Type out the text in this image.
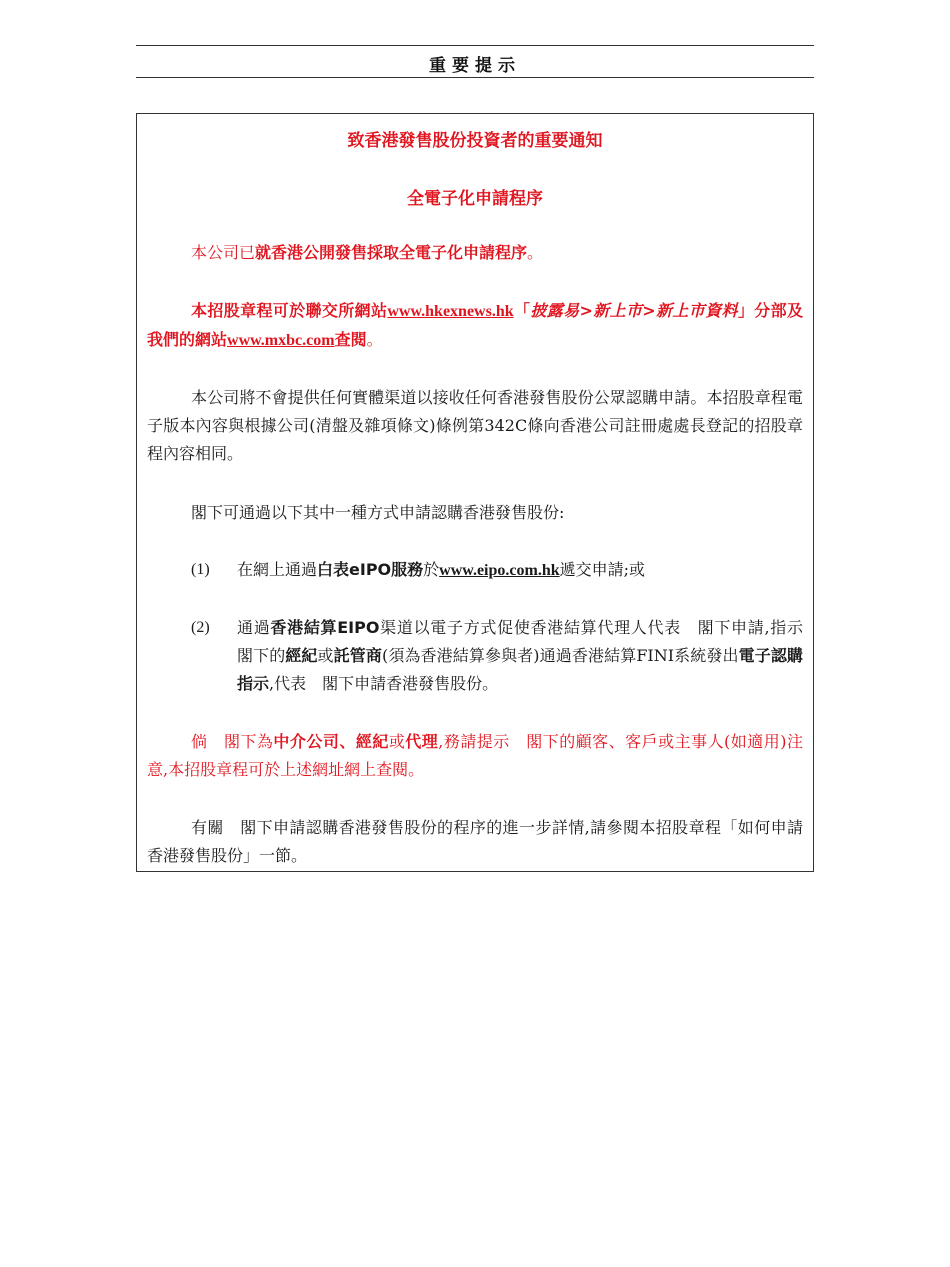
重要提示
致香港發售股份投資者的重要通知
全電子化申請程序
本公司已就香港公開發售採取全電子化申請程序。
本招股章程可於聯交所網站www.hkexnews.hk「披露易>新上市>新上市資料」分部及我們的網站www.mxbc.com查閱。
本公司將不會提供任何實體渠道以接收任何香港發售股份公眾認購申請。本招股章程電子版本內容與根據公司(清盤及雜項條文)條例第342C條向香港公司註冊處處長登記的招股章程內容相同。
閣下可通過以下其中一種方式申請認購香港發售股份:
(1) 在網上通過白表eIPO服務於www.eipo.com.hk遞交申請;或
(2) 通過香港結算EIPO渠道以電子方式促使香港結算代理人代表　閣下申請,指示　閣下的經紀或託管商(須為香港結算參與者)通過香港結算FINI系統發出電子認購指示,代表　閣下申請香港發售股份。
倘　閣下為中介公司、經紀或代理,務請提示　閣下的顧客、客戶或主事人(如適用)注意,本招股章程可於上述網址網上查閱。
有關　閣下申請認購香港發售股份的程序的進一步詳情,請參閱本招股章程「如何申請香港發售股份」一節。
